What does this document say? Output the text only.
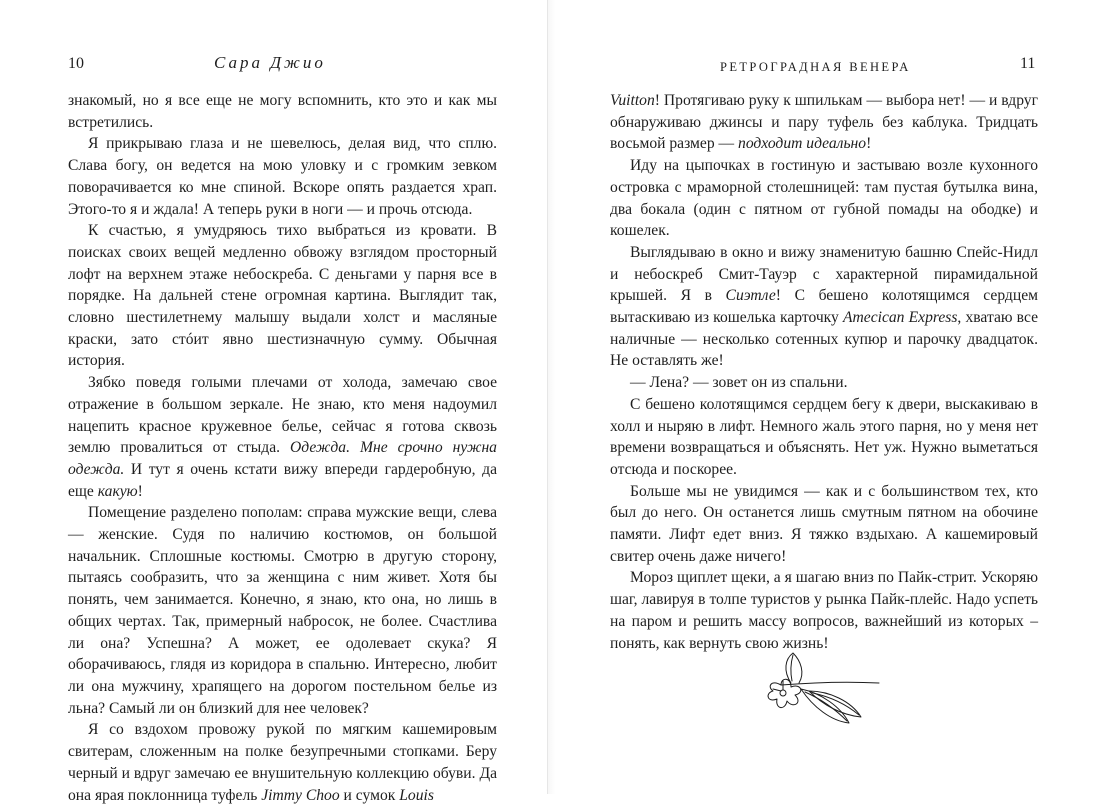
10	Сара Джио

знакомый, но я все еще не могу вспомнить, кто это и как мы встретились.

Я прикрываю глаза и не шевелюсь, делая вид, что сплю. Слава богу, он ведется на мою уловку и с громким зевком поворачивается ко мне спиной. Вскоре опять раздается храп. Этого-то я и ждала! А теперь руки в ноги — и прочь отсюда.

К счастью, я умудряюсь тихо выбраться из кровати. В поисках своих вещей медленно обвожу взглядом просторный лофт на верхнем этаже небоскреба. С деньгами у парня все в порядке. На дальней стене огромная картина. Выглядит так, словно шестилетнему малышу выдали холст и масляные краски, зато стóит явно шестизначную сумму. Обычная история.

Зябко поведя голыми плечами от холода, замечаю свое отражение в большом зеркале. Не знаю, кто меня надоумил нацепить красное кружевное белье, сейчас я готова сквозь землю провалиться от стыда. Одежда. Мне срочно нужна одежда. И тут я очень кстати вижу впереди гардеробную, да еще какую!

Помещение разделено пополам: справа мужские вещи, слева — женские. Судя по наличию костюмов, он большой начальник. Сплошные костюмы. Смотрю в другую сторону, пытаясь сообразить, что за женщина с ним живет. Хотя бы понять, чем занимается. Конечно, я знаю, кто она, но лишь в общих чертах. Так, примерный набросок, не более. Счастлива ли она? Успешна? А может, ее одолевает скука? Я оборачиваюсь, глядя из коридора в спальню. Интересно, любит ли она мужчину, храпящего на дорогом постельном белье из льна? Самый ли он близкий для нее человек?

Я со вздохом провожу рукой по мягким кашемировым свитерам, сложенным на полке безупречными стопками. Беру черный и вдруг замечаю ее внушительную коллекцию обуви. Да она ярая поклонница туфель Jimmy Choo и сумок Louis

РЕТРОГРАДНАЯ ВЕНЕРА	11

Vuitton! Протягиваю руку к шпилькам — выбора нет! — и вдруг обнаруживаю джинсы и пару туфель без каблука. Тридцать восьмой размер — подходит идеально!

Иду на цыпочках в гостиную и застываю возле кухонного островка с мраморной столешницей: там пустая бутылка вина, два бокала (один с пятном от губной помады на ободке) и кошелек.

Выглядываю в окно и вижу знаменитую башню Спейс-Нидл и небоскреб Смит-Тауэр с характерной пирамидальной крышей. Я в Сиэтле! С бешено колотящимся сердцем вытаскиваю из кошелька карточку Amecican Express, хватаю все наличные — несколько сотенных купюр и парочку двадцаток. Не оставлять же!

— Лена? — зовет он из спальни.

С бешено колотящимся сердцем бегу к двери, выскакиваю в холл и ныряю в лифт. Немного жаль этого парня, но у меня нет времени возвращаться и объяснять. Нет уж. Нужно выметаться отсюда и поскорее.

Больше мы не увидимся — как и с большинством тех, кто был до него. Он останется лишь смутным пятном на обочине памяти. Лифт едет вниз. Я тяжко вздыхаю. А кашемировый свитер очень даже ничего!

Мороз щиплет щеки, а я шагаю вниз по Пайк-стрит. Ускоряю шаг, лавируя в толпе туристов у рынка Пайк-плейс. Надо успеть на паром и решить массу вопросов, важнейший из которых – понять, как вернуть свою жизнь!
